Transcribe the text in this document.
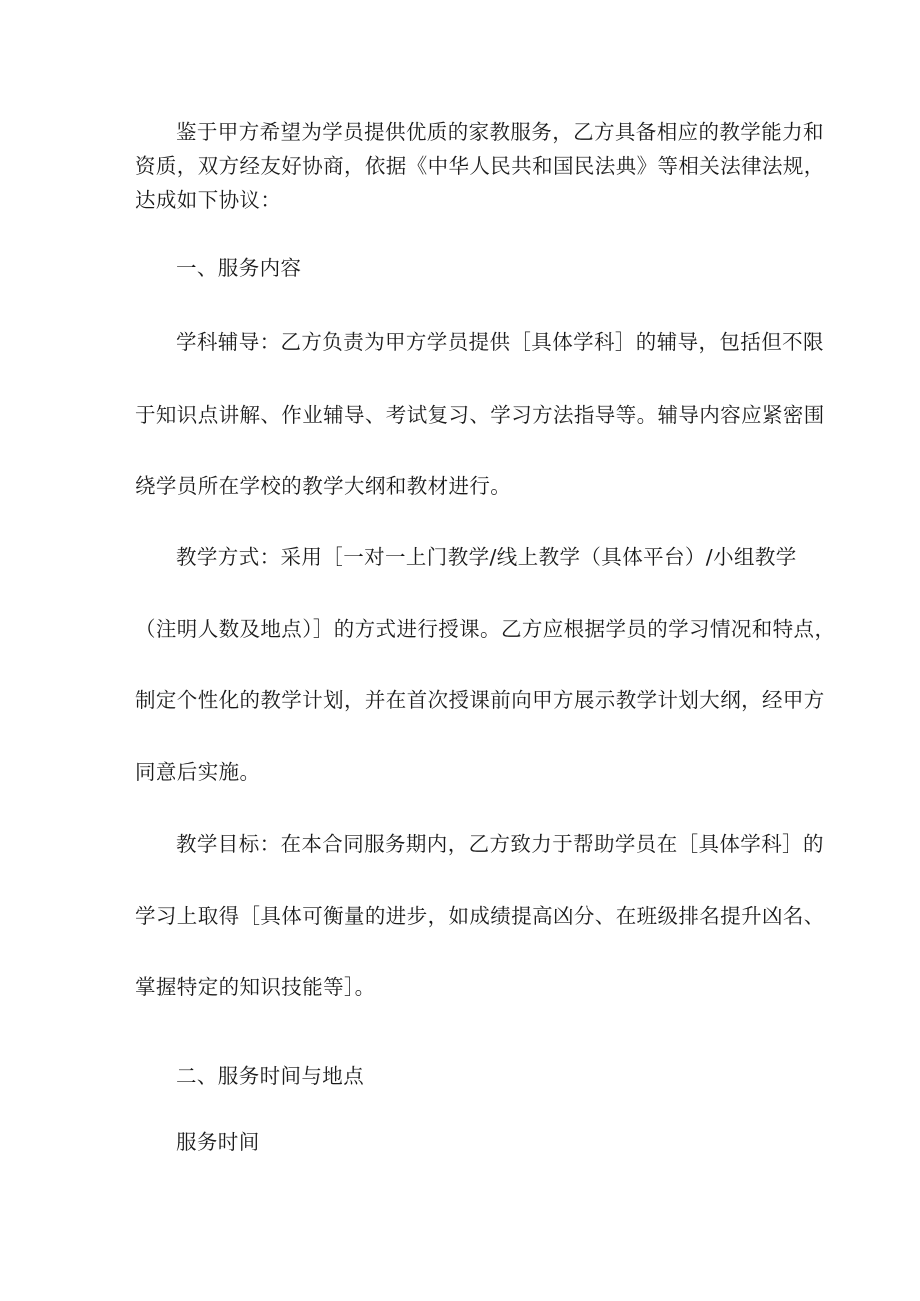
鉴于甲方希望为学员提供优质的家教服务，乙方具备相应的教学能力和
资质，双方经友好协商，依据《中华人民共和国民法典》等相关法律法规，
达成如下协议：
一、服务内容
学科辅导：乙方负责为甲方学员提供［具体学科］的辅导，包括但不限
于知识点讲解、作业辅导、考试复习、学习方法指导等。辅导内容应紧密围
绕学员所在学校的教学大纲和教材进行。
教学方式：采用［一对一上门教学/线上教学（具体平台）/小组教学
（注明人数及地点）］的方式进行授课。乙方应根据学员的学习情况和特点，
制定个性化的教学计划，并在首次授课前向甲方展示教学计划大纲，经甲方
同意后实施。
教学目标：在本合同服务期内，乙方致力于帮助学员在［具体学科］的
学习上取得［具体可衡量的进步，如成绩提高凶分、在班级排名提升凶名、
掌握特定的知识技能等］。
二、服务时间与地点
服务时间
